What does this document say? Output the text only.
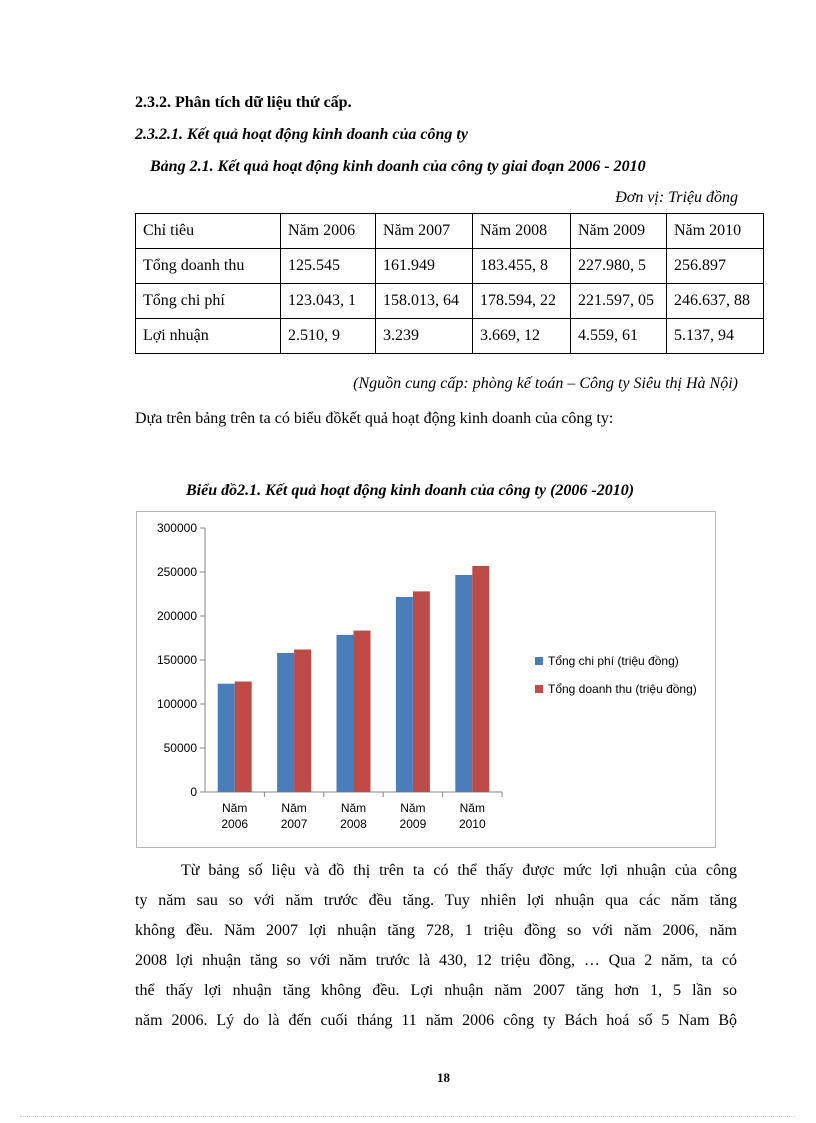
2.3.2. Phân tích dữ liệu thứ cấp.
2.3.2.1. Kết quả hoạt động kinh doanh của công ty
Bảng 2.1. Kết quả hoạt động kinh doanh của công ty giai đoạn 2006 - 2010
Đơn vị: Triệu đồng
Chỉ tiêu	Năm 2006	Năm 2007	Năm 2008	Năm 2009	Năm 2010
Tổng doanh thu	125.545	161.949	183.455, 8	227.980, 5	256.897
Tổng chi phí	123.043, 1	158.013, 64	178.594, 22	221.597, 05	246.637, 88
Lợi nhuận	2.510, 9	3.239	3.669, 12	4.559, 61	5.137, 94
(Nguồn cung cấp: phòng kế toán – Công ty Siêu thị Hà Nội)
Dựa trên bảng trên ta có biểu đồkết quả hoạt động kinh doanh của công ty:
Biểu đồ2.1. Kết quả hoạt động kinh doanh của công ty (2006 -2010)
0
50000
100000
150000
200000
250000
300000
Năm
2006
Năm
2007
Năm
2008
Năm
2009
Năm
2010
Tổng chi phí (triệu đồng)
Tổng doanh thu (triệu đồng)
Từ bảng số liệu và đồ thị trên ta có thể thấy được mức lợi nhuận của công
ty năm sau so với năm trước đều tăng. Tuy nhiên lợi nhuận qua các năm tăng
không đều. Năm 2007 lợi nhuận tăng 728, 1 triệu đồng so với năm 2006, năm
2008 lợi nhuận tăng so với năm trước là 430, 12 triệu đồng, … Qua 2 năm, ta có
thể thấy lợi nhuận tăng không đều. Lợi nhuận năm 2007 tăng hơn 1, 5 lần so
năm 2006. Lý do là đến cuối tháng 11 năm 2006 công ty Bách hoá số 5 Nam Bộ
18
